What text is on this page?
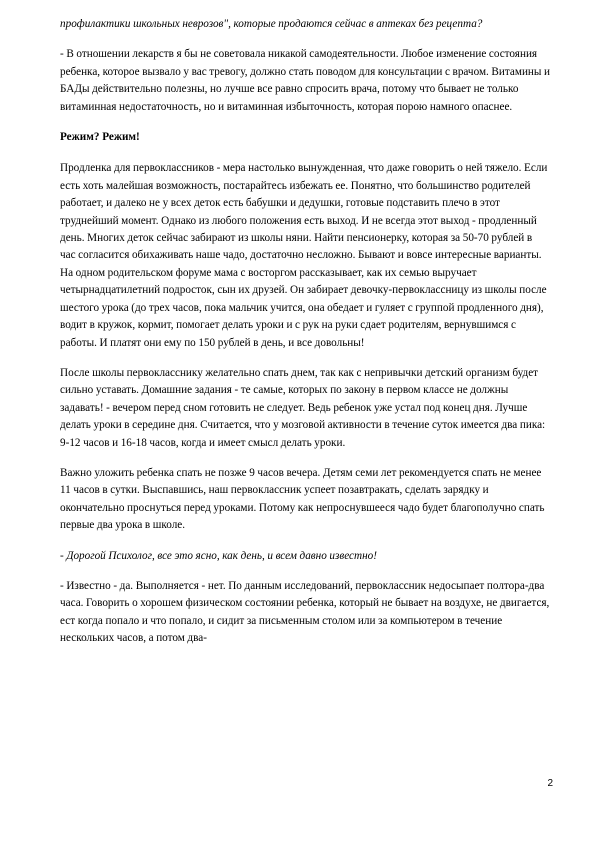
профилактики школьных неврозов", которые продаются сейчас в аптеках без рецепта?

- В отношении лекарств я бы не советовала никакой самодеятельности. Любое изменение состояния ребенка, которое вызвало у вас тревогу, должно стать поводом для консультации с врачом. Витамины и БАДы действительно полезны, но лучше все равно спросить врача, потому что бывает не только витаминная недостаточность, но и витаминная избыточность, которая порою намного опаснее.

Режим? Режим!

Продленка для первоклассников - мера настолько вынужденная, что даже говорить о ней тяжело. Если есть хоть малейшая возможность, постарайтесь избежать ее. Понятно, что большинство родителей работает, и далеко не у всех деток есть бабушки и дедушки, готовые подставить плечо в этот труднейший момент. Однако из любого положения есть выход. И не всегда этот выход - продленный день. Многих деток сейчас забирают из школы няни. Найти пенсионерку, которая за 50-70 рублей в час согласится обихаживать наше чадо, достаточно несложно. Бывают и вовсе интересные варианты. На одном родительском форуме мама с восторгом рассказывает, как их семью выручает четырнадцатилетний подросток, сын их друзей. Он забирает девочку-первоклассницу из школы после шестого урока (до трех часов, пока мальчик учится, она обедает и гуляет с группой продленного дня), водит в кружок, кормит, помогает делать уроки и с рук на руки сдает родителям, вернувшимся с работы. И платят они ему по 150 рублей в день, и все довольны!

После школы первокласснику желательно спать днем, так как с непривычки детский организм будет сильно уставать. Домашние задания - те самые, которых по закону в первом классе не должны задавать! - вечером перед сном готовить не следует. Ведь ребенок уже устал под конец дня. Лучше делать уроки в середине дня. Считается, что у мозговой активности в течение суток имеется два пика: 9-12 часов и 16-18 часов, когда и имеет смысл делать уроки.

Важно уложить ребенка спать не позже 9 часов вечера. Детям семи лет рекомендуется спать не менее 11 часов в сутки. Выспавшись, наш первоклассник успеет позавтракать, сделать зарядку и окончательно проснуться перед уроками. Потому как непроснувшееся чадо будет благополучно спать первые два урока в школе.

- Дорогой Психолог, все это ясно, как день, и всем давно известно!

- Известно - да. Выполняется - нет. По данным исследований, первоклассник недосыпает полтора-два часа. Говорить о хорошем физическом состоянии ребенка, который не бывает на воздухе, не двигается, ест когда попало и что попало, и сидит за письменным столом или за компьютером в течение нескольких часов, а потом два-

2
